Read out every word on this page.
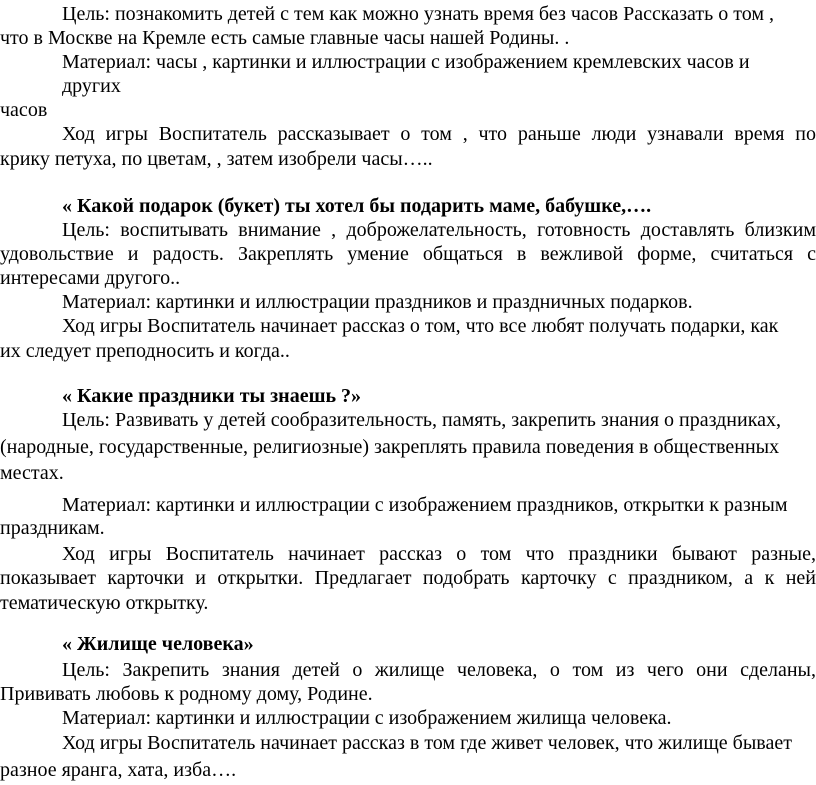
Цель: познакомить детей с тем как можно узнать время без часов Рассказать о том ,

что в Москве на Кремле есть самые главные часы нашей Родины. .

Материал: часы , картинки и иллюстрации с изображением кремлевских часов и

других

часов

Ход игры Воспитатель рассказывает о том , что раньше люди узнавали время по

крику петуха, по цветам, , затем изобрели часы…..

« Какой подарок (букет) ты хотел бы подарить маме, бабушке,….

Цель: воспитывать внимание , доброжелательность, готовность доставлять близким

удовольствие и радость. Закреплять умение общаться в вежливой форме, считаться с

интересами другого..

Материал: картинки и иллюстрации праздников и праздничных подарков.

Ход игры Воспитатель начинает рассказ о том, что все любят получать подарки, как

их следует преподносить и когда..

« Какие праздники ты знаешь ?»

Цель: Развивать у детей сообразительность, память, закрепить знания о праздниках,

(народные, государственные, религиозные) закреплять правила поведения в общественных

местах.

Материал: картинки и иллюстрации с изображением праздников, открытки к разным

праздникам.

Ход игры Воспитатель начинает рассказ о том что праздники бывают разные,

показывает карточки и открытки. Предлагает подобрать карточку с праздником, а к ней

тематическую открытку.

« Жилище человека»

Цель: Закрепить знания детей о жилище человека, о том из чего они сделаны,

Прививать любовь к родному дому, Родине.

Материал: картинки и иллюстрации с изображением жилища человека.

Ход игры Воспитатель начинает рассказ в том где живет человек, что жилище бывает

разное яранга, хата, изба….
